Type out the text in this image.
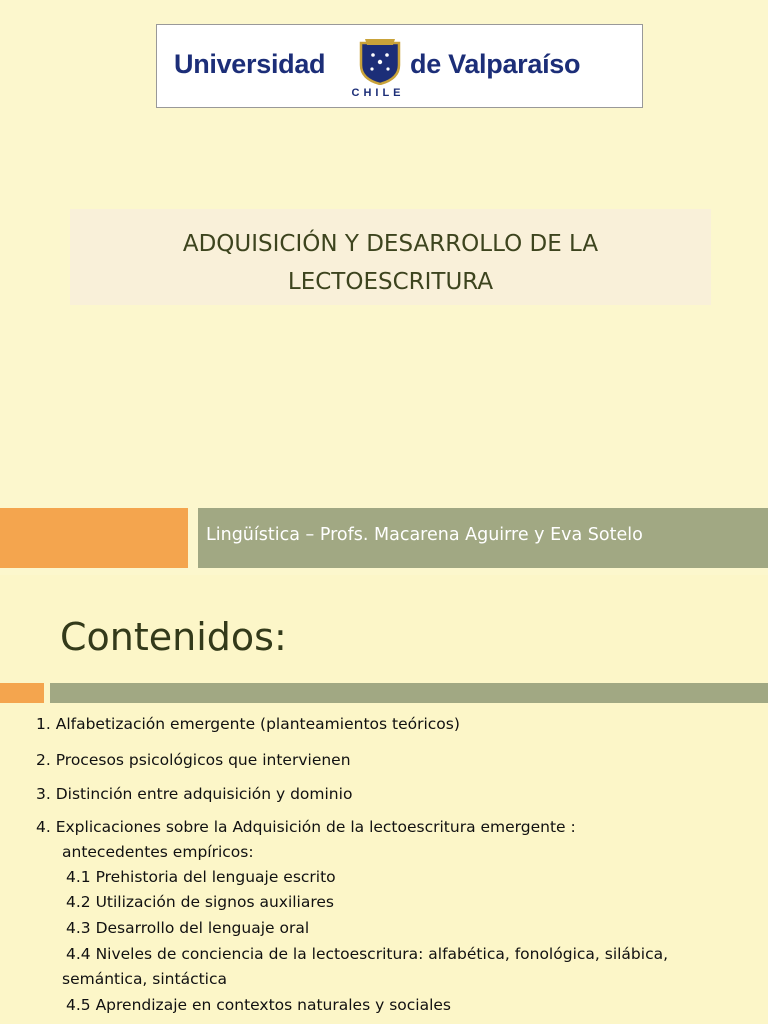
Universidad	de Valparaíso
CHILE
ADQUISICIÓN Y DESARROLLO DE LA
LECTOESCRITURA
Lingüística – Profs. Macarena Aguirre y Eva Sotelo
Contenidos:
1. Alfabetización emergente (planteamientos teóricos)
2. Procesos psicológicos que intervienen
3. Distinción entre adquisición y dominio
4. Explicaciones sobre la Adquisición de la lectoescritura emergente :
antecedentes empíricos:
4.1 Prehistoria del lenguaje escrito
4.2 Utilización de signos auxiliares
4.3 Desarrollo del lenguaje oral
4.4 Niveles de conciencia de la lectoescritura: alfabética, fonológica, silábica,
semántica, sintáctica
4.5 Aprendizaje en contextos naturales y sociales
